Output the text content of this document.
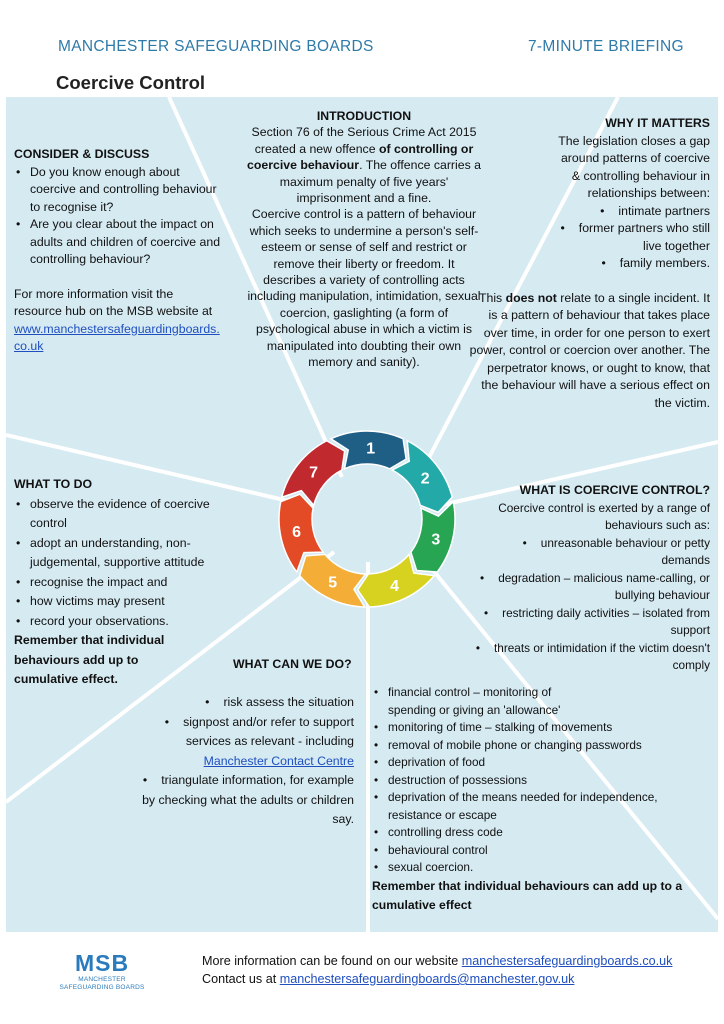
MANCHESTER SAFEGUARDING BOARDS	7-MINUTE BRIEFING
Coercive Control
INTRODUCTION
Section 76 of the Serious Crime Act 2015 created a new offence of controlling or coercive behaviour. The offence carries a maximum penalty of five years' imprisonment and a fine.
Coercive control is a pattern of behaviour which seeks to undermine a person's self-esteem or sense of self and restrict or remove their liberty or freedom. It describes a variety of controlling acts including manipulation, intimidation, sexual coercion, gaslighting (a form of psychological abuse in which a victim is manipulated into doubting their own memory and sanity).
WHY IT MATTERS
The legislation closes a gap around patterns of coercive & controlling behaviour in relationships between:
• intimate partners
• former partners who still live together
• family members.
This does not relate to a single incident. It is a pattern of behaviour that takes place over time, in order for one person to exert power, control or coercion over another. The perpetrator knows, or ought to know, that the behaviour will have a serious effect on the victim.
CONSIDER & DISCUSS
• Do you know enough about coercive and controlling behaviour to recognise it?
• Are you clear about the impact on adults and children of coercive and controlling behaviour?
For more information visit the resource hub on the MSB website at
www.manchestersafeguardingboards.co.uk
1
2
3
4
5
6
7
WHAT TO DO
• observe the evidence of coercive control
• adopt an understanding, non-judgemental, supportive attitude
• recognise the impact and
• how victims may present
• record your observations.
Remember that individual behaviours add up to cumulative effect.
WHAT IS COERCIVE CONTROL?
Coercive control is exerted by a range of behaviours such as:
• unreasonable behaviour or petty demands
• degradation – malicious name-calling, or bullying behaviour
• restricting daily activities – isolated from support
• threats or intimidation if the victim doesn't comply
WHAT CAN WE DO?
• risk assess the situation
• signpost and/or refer to support services as relevant - including
Manchester Contact Centre
• triangulate information, for example by checking what the adults or children say.
• financial control – monitoring of spending or giving an 'allowance'
• monitoring of time – stalking of movements
• removal of mobile phone or changing passwords
• deprivation of food
• destruction of possessions
• deprivation of the means needed for independence, resistance or escape
• controlling dress code
• behavioural control
• sexual coercion.
Remember that individual behaviours can add up to a cumulative effect
MSB
MANCHESTER SAFEGUARDING BOARDS
More information can be found on our website manchestersafeguardingboards.co.uk
Contact us at manchestersafeguardingboards@manchester.gov.uk
